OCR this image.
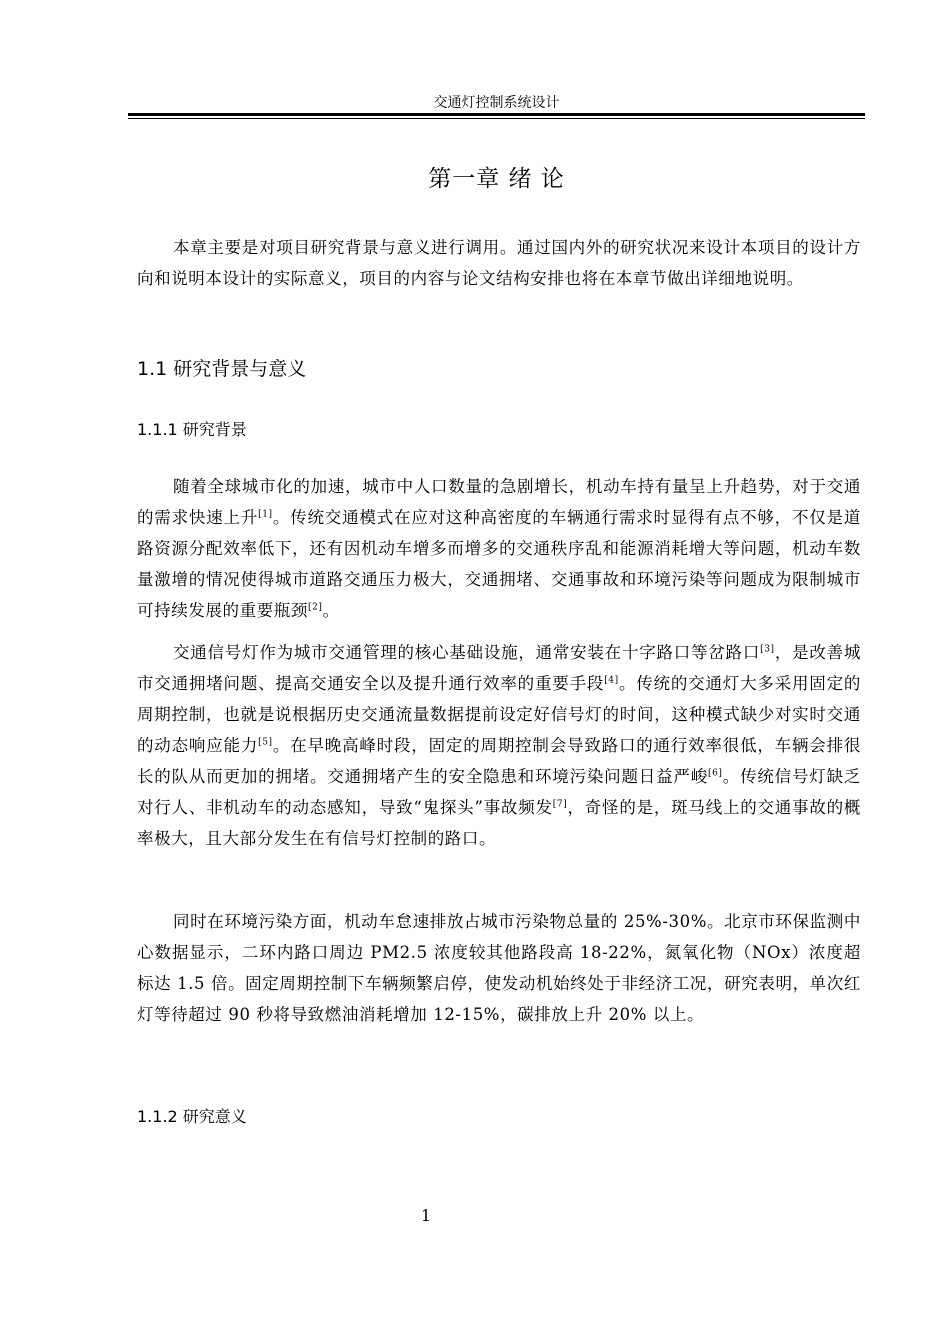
交通灯控制系统设计
第一章 绪 论

本章主要是对项目研究背景与意义进行调用。通过国内外的研究状况来设计本项目的设计方向和说明本设计的实际意义，项目的内容与论文结构安排也将在本章节做出详细地说明。

1.1 研究背景与意义
1.1.1 研究背景

随着全球城市化的加速，城市中人口数量的急剧增长，机动车持有量呈上升趋势，对于交通的需求快速上升[1]。传统交通模式在应对这种高密度的车辆通行需求时显得有点不够，不仅是道路资源分配效率低下，还有因机动车增多而增多的交通秩序乱和能源消耗增大等问题，机动车数量激增的情况使得城市道路交通压力极大，交通拥堵、交通事故和环境污染等问题成为限制城市可持续发展的重要瓶颈[2]。

交通信号灯作为城市交通管理的核心基础设施，通常安装在十字路口等岔路口[3]，是改善城市交通拥堵问题、提高交通安全以及提升通行效率的重要手段[4]。传统的交通灯大多采用固定的周期控制，也就是说根据历史交通流量数据提前设定好信号灯的时间，这种模式缺少对实时交通的动态响应能力[5]。在早晚高峰时段，固定的周期控制会导致路口的通行效率很低，车辆会排很长的队从而更加的拥堵。交通拥堵产生的安全隐患和环境污染问题日益严峻[6]。传统信号灯缺乏对行人、非机动车的动态感知，导致“鬼探头”事故频发[7]，奇怪的是，斑马线上的交通事故的概率极大，且大部分发生在有信号灯控制的路口。

同时在环境污染方面，机动车怠速排放占城市污染物总量的 25%-30%。北京市环保监测中心数据显示，二环内路口周边 PM2.5 浓度较其他路段高 18-22%，氮氧化物（NOx）浓度超标达 1.5 倍。固定周期控制下车辆频繁启停，使发动机始终处于非经济工况，研究表明，单次红灯等待超过 90 秒将导致燃油消耗增加 12-15%，碳排放上升 20% 以上。

1.1.2 研究意义
1
